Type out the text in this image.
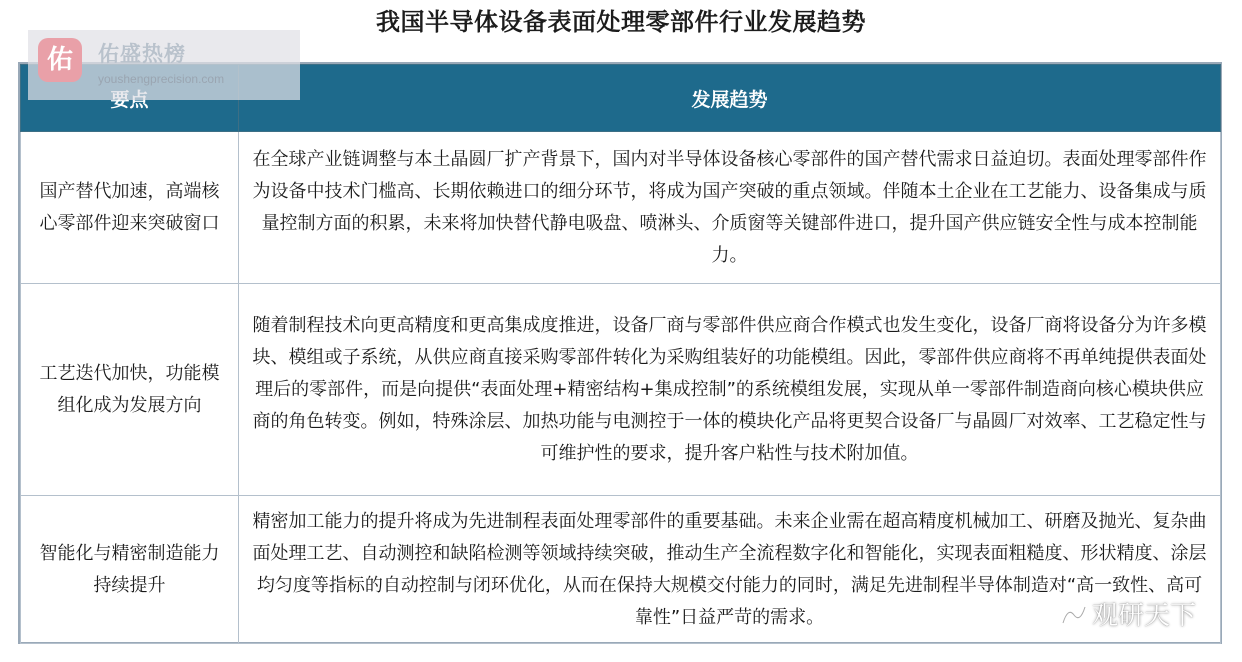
我国半导体设备表面处理零部件行业发展趋势
佑	佑盛热榜
youshengprecision.com
	发展趋势
国产替代加速，高端核心零部件迎来突破窗口	在全球产业链调整与本土晶圆厂扩产背景下，国内对半导体设备核心零部件的国产替代需求日益迫切。表面处理零部件作为设备中技术门槛高、长期依赖进口的细分环节，将成为国产突破的重点领域。伴随本土企业在工艺能力、设备集成与质量控制方面的积累，未来将加快替代静电吸盘、喷淋头、介质窗等关键部件进口，提升国产供应链安全性与成本控制能力。
工艺迭代加快，功能模组化成为发展方向	随着制程技术向更高精度和更高集成度推进，设备厂商与零部件供应商合作模式也发生变化，设备厂商将设备分为许多模块、模组或子系统，从供应商直接采购零部件转化为采购组装好的功能模组。因此，零部件供应商将不再单纯提供表面处理后的零部件，而是向提供“表面处理+精密结构+集成控制”的系统模组发展，实现从单一零部件制造商向核心模块供应商的角色转变。例如，特殊涂层、加热功能与电测控于一体的模块化产品将更契合设备厂与晶圆厂对效率、工艺稳定性与可维护性的要求，提升客户粘性与技术附加值。
智能化与精密制造能力持续提升	精密加工能力的提升将成为先进制程表面处理零部件的重要基础。未来企业需在超高精度机械加工、研磨及抛光、复杂曲面处理工艺、自动测控和缺陷检测等领域持续突破，推动生产全流程数字化和智能化，实现表面粗糙度、形状精度、涂层均匀度等指标的自动控制与闭环优化，从而在保持大规模交付能力的同时，满足先进制程半导体制造对“高一致性、高可靠性”日益严苛的需求。	观研天下
